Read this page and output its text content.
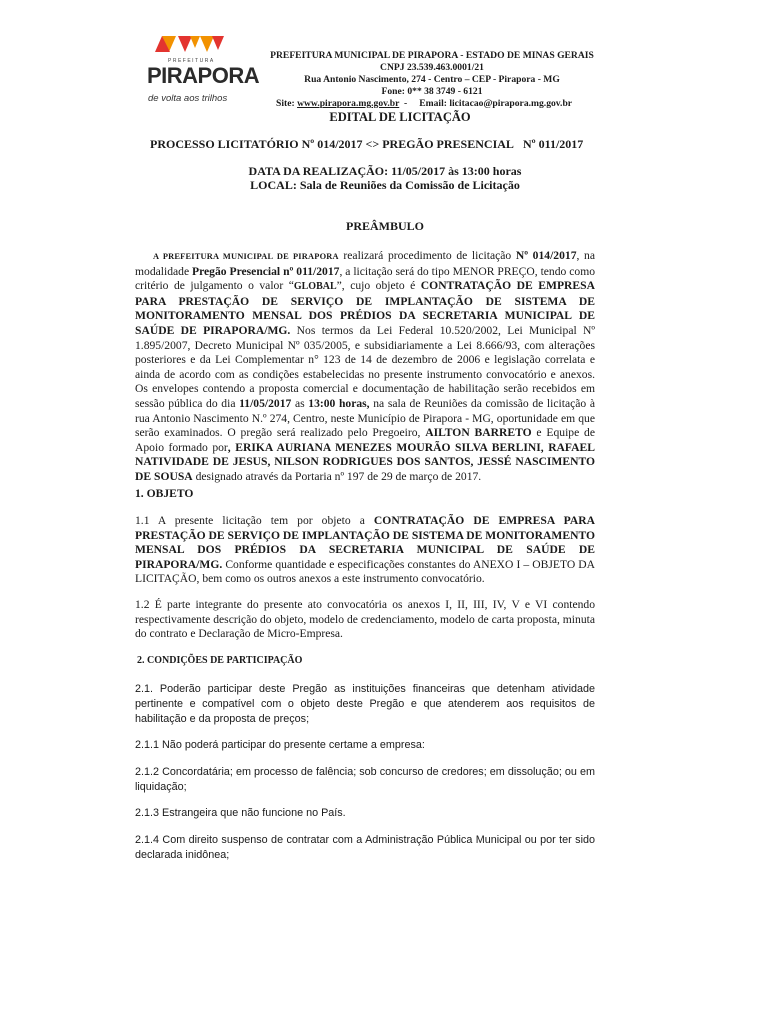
PREFEITURA
PIRAPORA
de volta aos trilhos
PREFEITURA MUNICIPAL DE PIRAPORA - ESTADO DE MINAS GERAIS
CNPJ 23.539.463.0001/21
Rua Antonio Nascimento, 274 - Centro – CEP - Pirapora - MG
Fone: 0** 38 3749 - 6121
Site: www.pirapora.mg.gov.br - Email: licitacao@pirapora.mg.gov.br
EDITAL DE LICITAÇÃO
PROCESSO LICITATÓRIO Nº 014/2017 <> PREGÃO PRESENCIAL Nº 011/2017
DATA DA REALIZAÇÃO: 11/05/2017 às 13:00 horas
LOCAL: Sala de Reuniões da Comissão de Licitação
PREÂMBULO
A PREFEITURA MUNICIPAL DE PIRAPORA realizará procedimento de licitação Nº 014/2017, na modalidade Pregão Presencial nº 011/2017, a licitação será do tipo MENOR PREÇO, tendo como critério de julgamento o valor “GLOBAL”, cujo objeto é CONTRATAÇÃO DE EMPRESA PARA PRESTAÇÃO DE SERVIÇO DE IMPLANTAÇÃO DE SISTEMA DE MONITORAMENTO MENSAL DOS PRÉDIOS DA SECRETARIA MUNICIPAL DE SAÚDE DE PIRAPORA/MG. Nos termos da Lei Federal 10.520/2002, Lei Municipal Nº 1.895/2007, Decreto Municipal Nº 035/2005, e subsidiariamente a Lei 8.666/93, com alterações posteriores e da Lei Complementar n° 123 de 14 de dezembro de 2006 e legislação correlata e ainda de acordo com as condições estabelecidas no presente instrumento convocatório e anexos. Os envelopes contendo a proposta comercial e documentação de habilitação serão recebidos em sessão pública do dia 11/05/2017 as 13:00 horas, na sala de Reuniões da comissão de licitação à rua Antonio Nascimento N.º 274, Centro, neste Município de Pirapora - MG, oportunidade em que serão examinados. O pregão será realizado pelo Pregoeiro, AILTON BARRETO e Equipe de Apoio formado por, ERIKA AURIANA MENEZES MOURÃO SILVA BERLINI, RAFAEL NATIVIDADE DE JESUS, NILSON RODRIGUES DOS SANTOS, JESSÉ NASCIMENTO DE SOUSA designado através da Portaria nº 197 de 29 de março de 2017.
1. OBJETO
1.1 A presente licitação tem por objeto a CONTRATAÇÃO DE EMPRESA PARA PRESTAÇÃO DE SERVIÇO DE IMPLANTAÇÃO DE SISTEMA DE MONITORAMENTO MENSAL DOS PRÉDIOS DA SECRETARIA MUNICIPAL DE SAÚDE DE PIRAPORA/MG. Conforme quantidade e especificações constantes do ANEXO I – OBJETO DA LICITAÇÃO, bem como os outros anexos a este instrumento convocatório.
1.2 É parte integrante do presente ato convocatória os anexos I, II, III, IV, V e VI contendo respectivamente descrição do objeto, modelo de credenciamento, modelo de carta proposta, minuta do contrato e Declaração de Micro-Empresa.
2. CONDIÇÕES DE PARTICIPAÇÃO
2.1. Poderão participar deste Pregão as instituições financeiras que detenham atividade pertinente e compatível com o objeto deste Pregão e que atenderem aos requisitos de habilitação e da proposta de preços;
2.1.1 Não poderá participar do presente certame a empresa:
2.1.2 Concordatária; em processo de falência; sob concurso de credores; em dissolução; ou em liquidação;
2.1.3 Estrangeira que não funcione no País.
2.1.4 Com direito suspenso de contratar com a Administração Pública Municipal ou por ter sido declarada inidônea;
